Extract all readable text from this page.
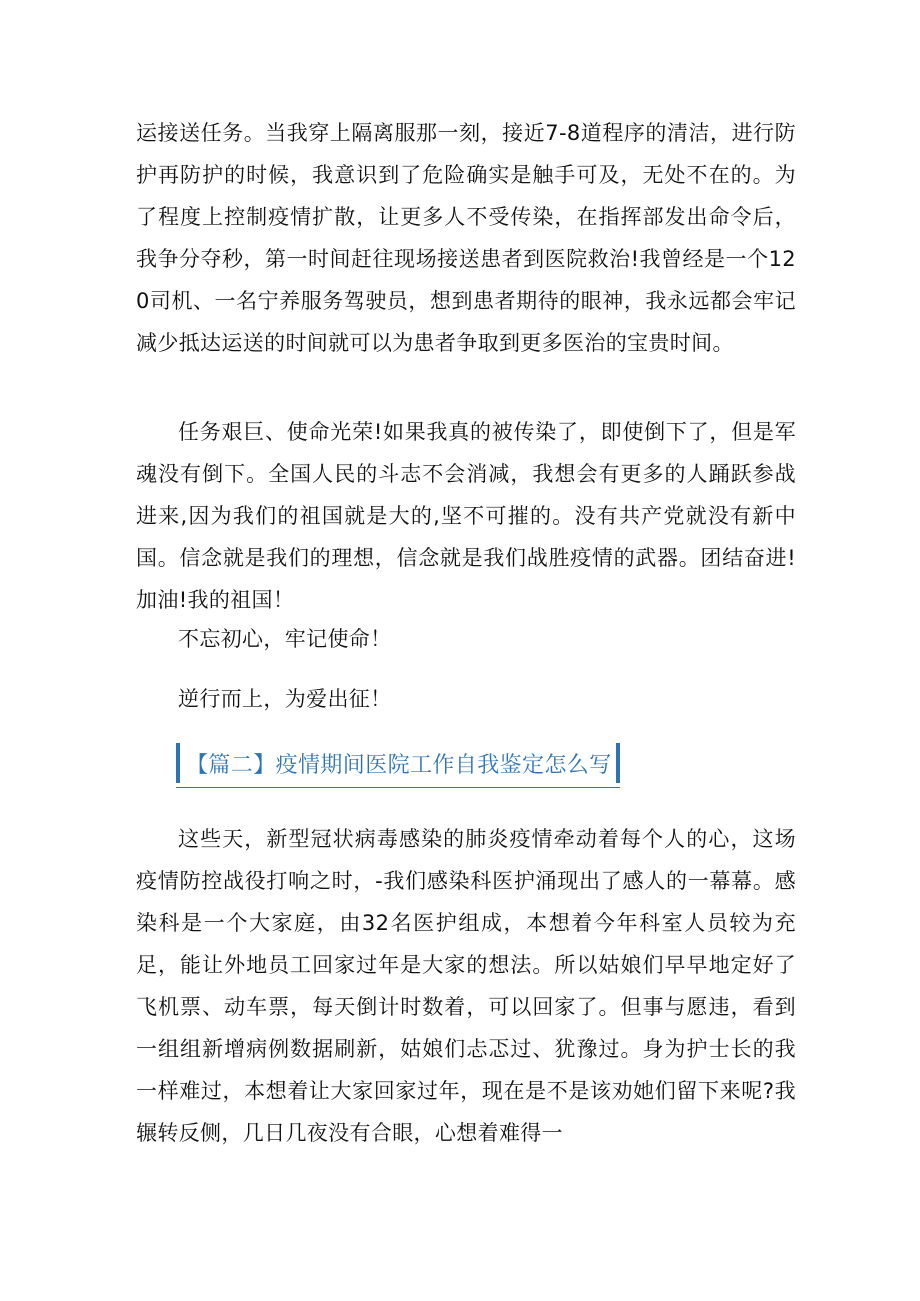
运接送任务。当我穿上隔离服那一刻，接近7-8道程序的清洁，进行防护再防护的时候，我意识到了危险确实是触手可及，无处不在的。为了程度上控制疫情扩散，让更多人不受传染，在指挥部发出命令后，我争分夺秒，第一时间赶往现场接送患者到医院救治!我曾经是一个120司机、一名宁养服务驾驶员，想到患者期待的眼神，我永远都会牢记减少抵达运送的时间就可以为患者争取到更多医治的宝贵时间。

任务艰巨、使命光荣!如果我真的被传染了，即使倒下了，但是军魂没有倒下。全国人民的斗志不会消减，我想会有更多的人踊跃参战进来,因为我们的祖国就是大的,坚不可摧的。没有共产党就没有新中国。信念就是我们的理想，信念就是我们战胜疫情的武器。团结奋进!加油!我的祖国！

不忘初心，牢记使命！

逆行而上，为爱出征！

【篇二】疫情期间医院工作自我鉴定怎么写

这些天，新型冠状病毒感染的肺炎疫情牵动着每个人的心，这场疫情防控战役打响之时，-我们感染科医护涌现出了感人的一幕幕。感染科是一个大家庭，由32名医护组成，本想着今年科室人员较为充足，能让外地员工回家过年是大家的想法。所以姑娘们早早地定好了飞机票、动车票，每天倒计时数着，可以回家了。但事与愿违，看到一组组新增病例数据刷新，姑娘们忐忑过、犹豫过。身为护士长的我一样难过，本想着让大家回家过年，现在是不是该劝她们留下来呢?我辗转反侧，几日几夜没有合眼，心想着难得一
